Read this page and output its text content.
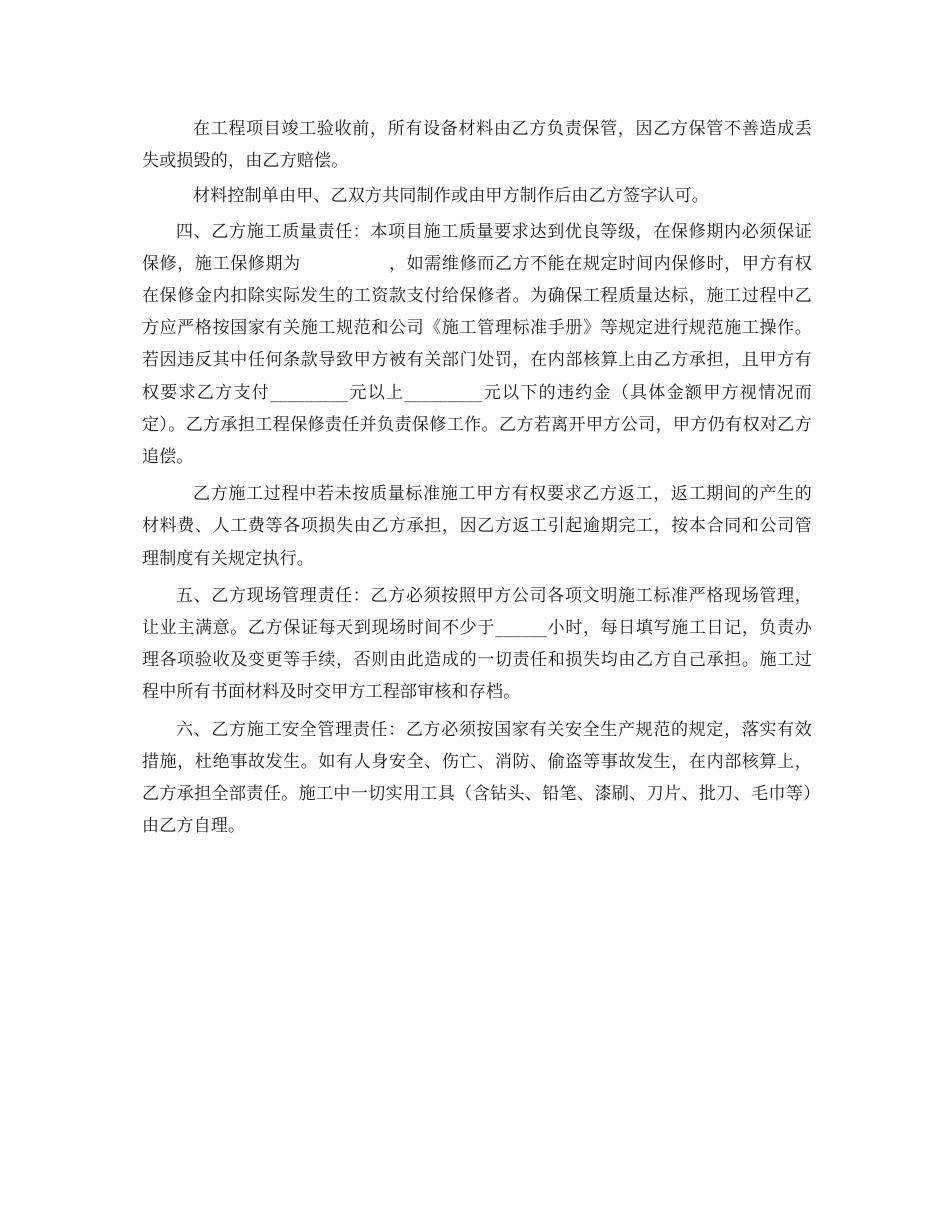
在工程项目竣工验收前，所有设备材料由乙方负责保管，因乙方保管不善造成丢失或损毁的，由乙方赔偿。

材料控制单由甲、乙双方共同制作或由甲方制作后由乙方签字认可。

四、乙方施工质量责任：本项目施工质量要求达到优良等级，在保修期内必须保证保修，施工保修期为　　　　　，如需维修而乙方不能在规定时间内保修时，甲方有权在保修金内扣除实际发生的工资款支付给保修者。为确保工程质量达标，施工过程中乙方应严格按国家有关施工规范和公司《施工管理标准手册》等规定进行规范施工操作。若因违反其中任何条款导致甲方被有关部门处罚，在内部核算上由乙方承担，且甲方有权要求乙方支付_________元以上_________元以下的违约金（具体金额甲方视情况而定）。乙方承担工程保修责任并负责保修工作。乙方若离开甲方公司，甲方仍有权对乙方追偿。

乙方施工过程中若未按质量标准施工甲方有权要求乙方返工，返工期间的产生的材料费、人工费等各项损失由乙方承担，因乙方返工引起逾期完工，按本合同和公司管理制度有关规定执行。

五、乙方现场管理责任：乙方必须按照甲方公司各项文明施工标准严格现场管理，让业主满意。乙方保证每天到现场时间不少于______小时，每日填写施工日记，负责办理各项验收及变更等手续，否则由此造成的一切责任和损失均由乙方自己承担。施工过程中所有书面材料及时交甲方工程部审核和存档。

六、乙方施工安全管理责任：乙方必须按国家有关安全生产规范的规定，落实有效措施，杜绝事故发生。如有人身安全、伤亡、消防、偷盗等事故发生，在内部核算上，乙方承担全部责任。施工中一切实用工具（含钻头、铅笔、漆刷、刀片、批刀、毛巾等）由乙方自理。
